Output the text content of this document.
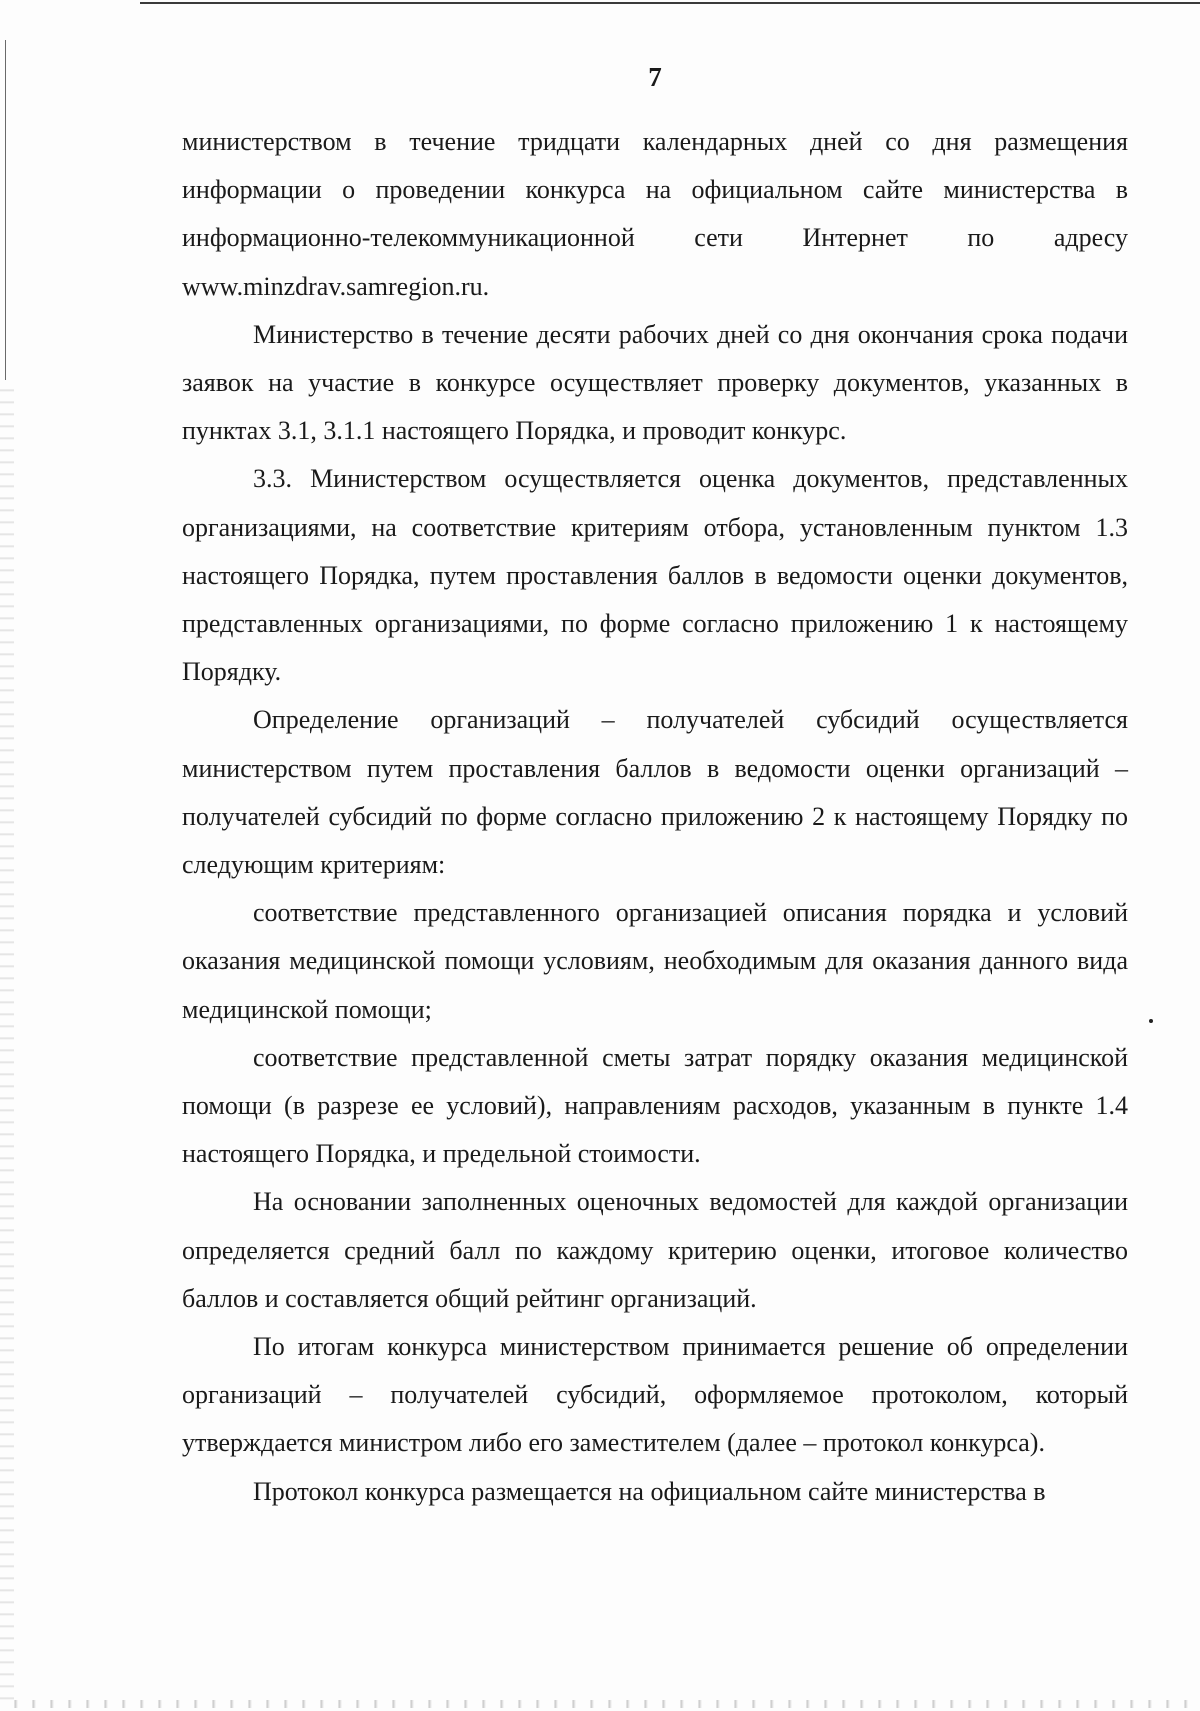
7

министерством в течение тридцати календарных дней со дня размещения информации о проведении конкурса на официальном сайте министерства в информационно-телекоммуникационной сети Интернет по адресу www.minzdrav.samregion.ru.

Министерство в течение десяти рабочих дней со дня окончания срока подачи заявок на участие в конкурсе осуществляет проверку документов, указанных в пунктах 3.1, 3.1.1 настоящего Порядка, и проводит конкурс.

3.3. Министерством осуществляется оценка документов, представленных организациями, на соответствие критериям отбора, установленным пунктом 1.3 настоящего Порядка, путем проставления баллов в ведомости оценки документов, представленных организациями, по форме согласно приложению 1 к настоящему Порядку.

Определение организаций – получателей субсидий осуществляется министерством путем проставления баллов в ведомости оценки организаций – получателей субсидий по форме согласно приложению 2 к настоящему Порядку по следующим критериям:

соответствие представленного организацией описания порядка и условий оказания медицинской помощи условиям, необходимым для оказания данного вида медицинской помощи;

соответствие представленной сметы затрат порядку оказания медицинской помощи (в разрезе ее условий), направлениям расходов, указанным в пункте 1.4 настоящего Порядка, и предельной стоимости.

На основании заполненных оценочных ведомостей для каждой организации определяется средний балл по каждому критерию оценки, итоговое количество баллов и составляется общий рейтинг организаций.

По итогам конкурса министерством принимается решение об определении организаций – получателей субсидий, оформляемое протоколом, который утверждается министром либо его заместителем (далее – протокол конкурса).

Протокол конкурса размещается на официальном сайте министерства в
